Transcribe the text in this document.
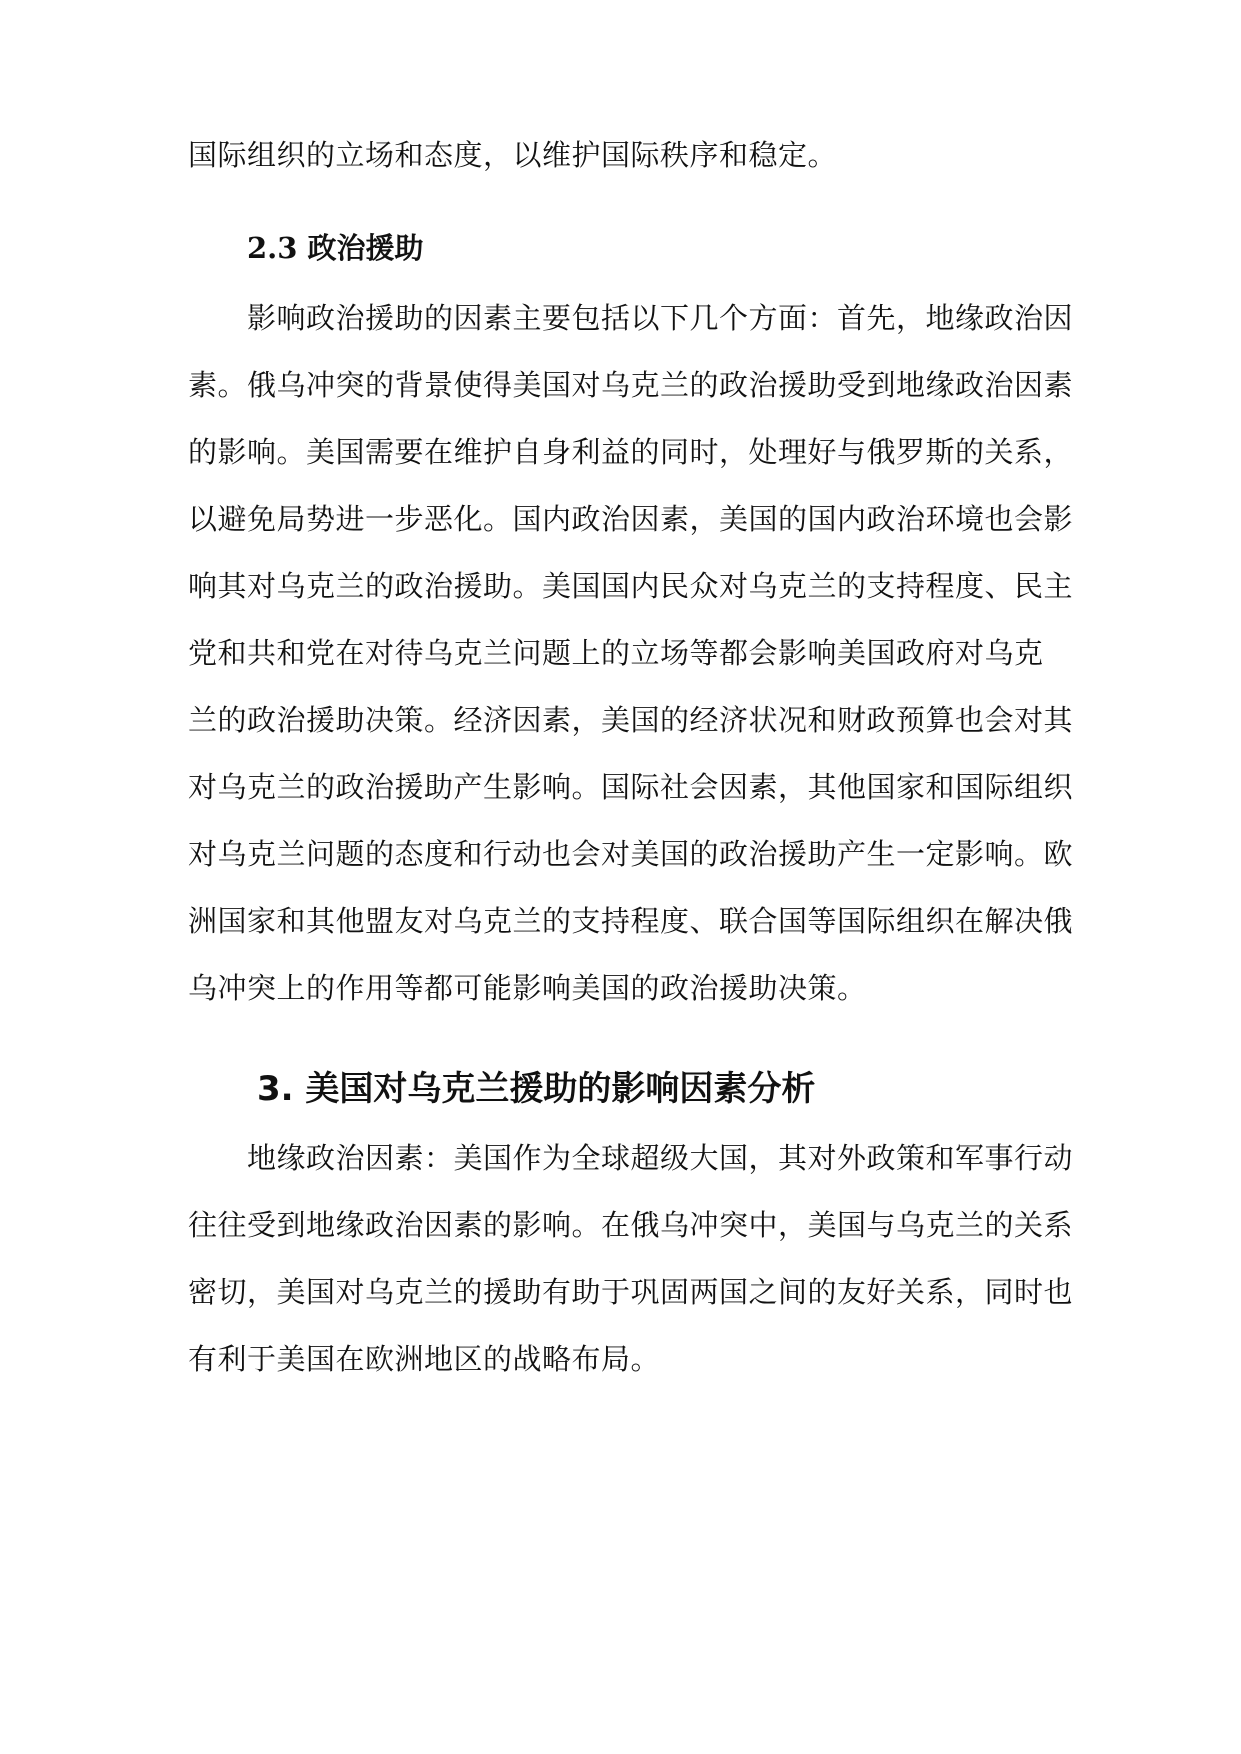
国际组织的立场和态度，以维护国际秩序和稳定。
2.3 政治援助
影响政治援助的因素主要包括以下几个方面：首先，地缘政治因
素。俄乌冲突的背景使得美国对乌克兰的政治援助受到地缘政治因素
的影响。美国需要在维护自身利益的同时，处理好与俄罗斯的关系，
以避免局势进一步恶化。国内政治因素，美国的国内政治环境也会影
响其对乌克兰的政治援助。美国国内民众对乌克兰的支持程度、民主
党和共和党在对待乌克兰问题上的立场等都会影响美国政府对乌克
兰的政治援助决策。经济因素，美国的经济状况和财政预算也会对其
对乌克兰的政治援助产生影响。国际社会因素，其他国家和国际组织
对乌克兰问题的态度和行动也会对美国的政治援助产生一定影响。欧
洲国家和其他盟友对乌克兰的支持程度、联合国等国际组织在解决俄
乌冲突上的作用等都可能影响美国的政治援助决策。
3. 美国对乌克兰援助的影响因素分析
地缘政治因素：美国作为全球超级大国，其对外政策和军事行动
往往受到地缘政治因素的影响。在俄乌冲突中，美国与乌克兰的关系
密切，美国对乌克兰的援助有助于巩固两国之间的友好关系，同时也
有利于美国在欧洲地区的战略布局。
